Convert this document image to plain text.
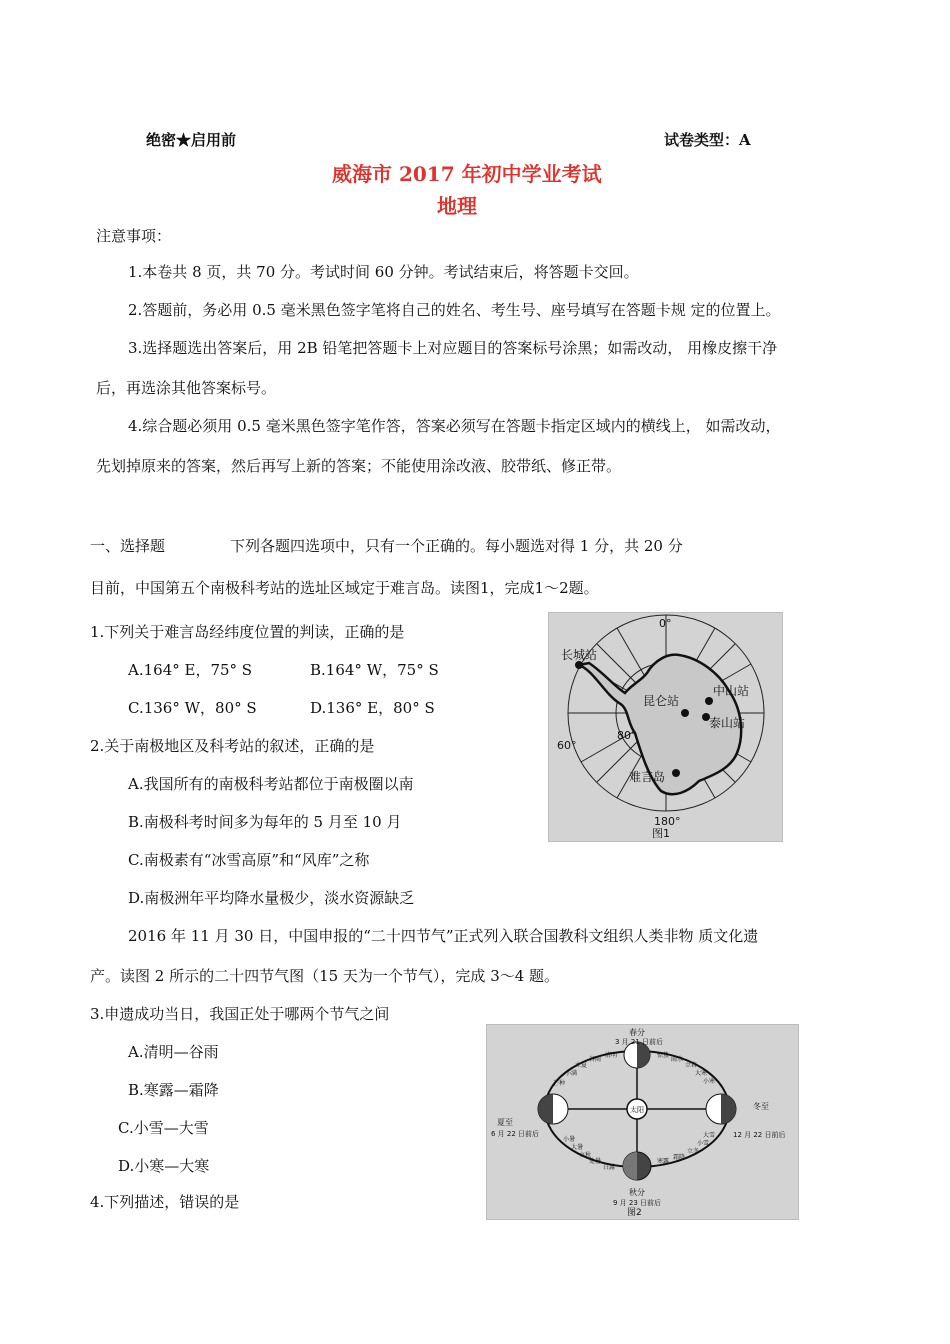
绝密★启用前	试卷类型：A
威海市 2017 年初中学业考试
地理
注意事项：
1.本卷共 8 页，共 70 分。考试时间 60 分钟。考试结束后，将答题卡交回。
2.答题前，务必用 0.5 毫米黑色签字笔将自己的姓名、考生号、座号填写在答题卡规 定的位置上。
3.选择题选出答案后，用 2B 铅笔把答题卡上对应题目的答案标号涂黑；如需改动， 用橡皮擦干净
后，再选涂其他答案标号。
4.综合题必须用 0.5 毫米黑色签字笔作答，答案必须写在答题卡指定区域内的横线上， 如需改动，
先划掉原来的答案，然后再写上新的答案；不能使用涂改液、胶带纸、修正带。
一、选择题	下列各题四选项中，只有一个正确的。每小题选对得 1 分，共 20 分
目前，中国第五个南极科考站的选址区域定于难言岛。读图1，完成1～2题。
1.下列关于难言岛经纬度位置的判读，正确的是
A.164° E，75° S	B.164° W，75° S
C.136° W，80° S	D.136° E，80° S
2.关于南极地区及科考站的叙述，正确的是
A.我国所有的南极科考站都位于南极圈以南
B.南极科考时间多为每年的 5 月至 10 月
C.南极素有“冰雪高原”和“风库”之称
D.南极洲年平均降水量极少，淡水资源缺乏
2016 年 11 月 30 日，中国申报的“二十四节气”正式列入联合国教科文组织人类非物 质文化遗
产。读图 2 所示的二十四节气图（15 天为一个节气），完成 3～4 题。
3.申遗成功当日，我国正处于哪两个节气之间
A.清明—谷雨
B.寒露—霜降
C.小雪—大雪
D.小寒—大寒
4.下列描述，错误的是
0°
180°
80°
60°
长城站
昆仑站
中山站
泰山站
难言岛
图1
太阳
春分
3 月 21 日前后
夏至
6 月 22 日前后
冬至
12 月 22 日前后
秋分
9 月 23 日前后
清明
谷雨
立夏
小满
芒种
惊蛰
雨水
立春
大寒
小寒
小暑
大暑
立秋
处暑
白露
寒露
霜降
立冬
小雪
大雪
图2
